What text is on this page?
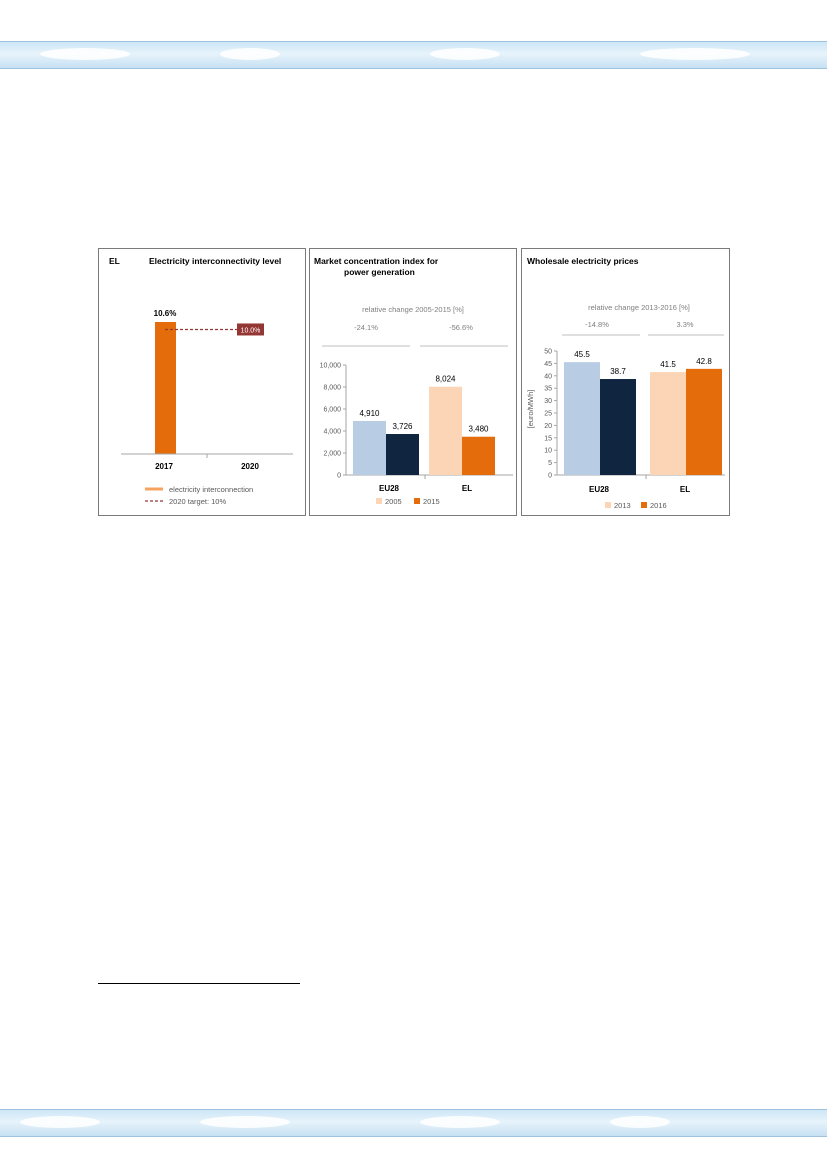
EL	Electricity interconnectivity level
10.6%
10.0%
2017	2020
electricity interconnection
2020 target: 10%
Market concentration index for
power generation
relative change 2005-2015 [%]
-24.1%	-56.6%
0
2,000
4,000
6,000
8,000
10,000
4,910
3,726
8,024
3,480
EU28	EL
2005	2015
Wholesale electricity prices
relative change 2013-2016 [%]
-14.8%	3.3%
[euro/MWh]
0
5
10
15
20
25
30
35
40
45
50	45.5
38.7
41.5	42.8
EU28	EL
2013	2016
